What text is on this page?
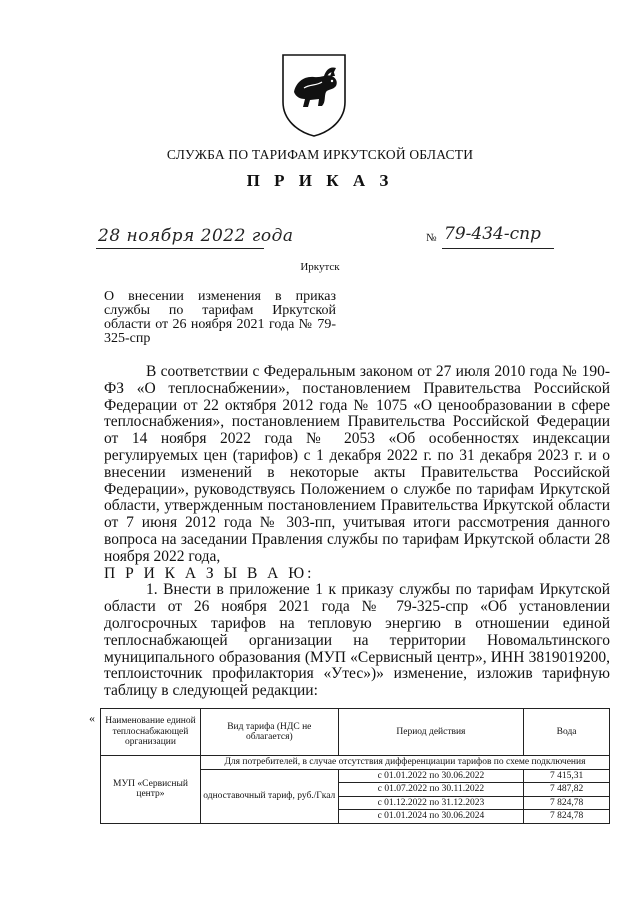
СЛУЖБА ПО ТАРИФАМ ИРКУТСКОЙ ОБЛАСТИ
П Р И К А З
28 ноября 2022 года	№ 79-434-спр
Иркутск
О внесении изменения в приказ службы по тарифам Иркутской области от 26 ноября 2021 года № 79-325-спр

В соответствии с Федеральным законом от 27 июля 2010 года № 190-ФЗ «О теплоснабжении», постановлением Правительства Российской Федерации от 22 октября 2012 года № 1075 «О ценообразовании в сфере теплоснабжения», постановлением Правительства Российской Федерации от 14 ноября 2022 года № 2053 «Об особенностях индексации регулируемых цен (тарифов) с 1 декабря 2022 г. по 31 декабря 2023 г. и о внесении изменений в некоторые акты Правительства Российской Федерации», руководствуясь Положением о службе по тарифам Иркутской области, утвержденным постановлением Правительства Иркутской области от 7 июня 2012 года № 303-пп, учитывая итоги рассмотрения данного вопроса на заседании Правления службы по тарифам Иркутской области 28 ноября 2022 года,

П Р И К А З Ы В А Ю:

1. Внести в приложение 1 к приказу службы по тарифам Иркутской области от 26 ноября 2021 года № 79-325-спр «Об установлении долгосрочных тарифов на тепловую энергию в отношении единой теплоснабжающей организации на территории Новомальтинского муниципального образования (МУП «Сервисный центр», ИНН 3819019200, теплоисточник профилактория «Утес»)» изменение, изложив тарифную таблицу в следующей редакции:

« Наименование единой теплоснабжающей организации	Вид тарифа (НДС не облагается)	Период действия	Вода
МУП «Сервисный центр»	Для потребителей, в случае отсутствия дифференциации тарифов по схеме подключения		
	одноставочный тариф, руб./Гкал	с 01.01.2022 по 30.06.2022	7 415,31
		с 01.07.2022 по 30.11.2022	7 487,82
		с 01.12.2022 по 31.12.2023	7 824,78
		с 01.01.2024 по 30.06.2024	7 824,78
